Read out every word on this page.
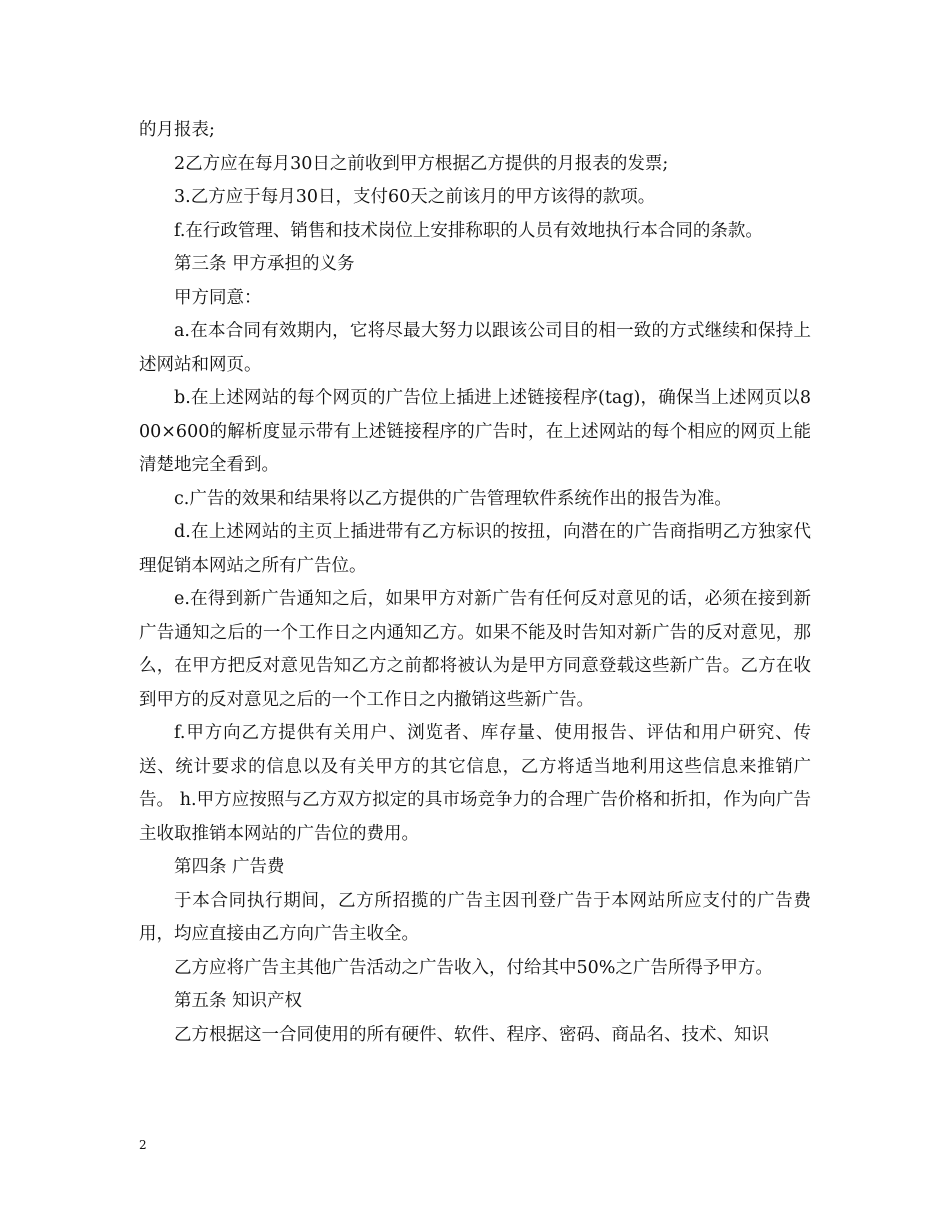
的月报表;

2乙方应在每月30日之前收到甲方根据乙方提供的月报表的发票;

3.乙方应于每月30日，支付60天之前该月的甲方该得的款项。

f.在行政管理、销售和技术岗位上安排称职的人员有效地执行本合同的条款。

第三条 甲方承担的义务

甲方同意：

a.在本合同有效期内，它将尽最大努力以跟该公司目的相一致的方式继续和保持上述网站和网页。

b.在上述网站的每个网页的广告位上插进上述链接程序(tag)，确保当上述网页以800×600的解析度显示带有上述链接程序的广告时，在上述网站的每个相应的网页上能清楚地完全看到。

c.广告的效果和结果将以乙方提供的广告管理软件系统作出的报告为准。

d.在上述网站的主页上插进带有乙方标识的按扭，向潜在的广告商指明乙方独家代理促销本网站之所有广告位。

e.在得到新广告通知之后，如果甲方对新广告有任何反对意见的话，必须在接到新广告通知之后的一个工作日之内通知乙方。如果不能及时告知对新广告的反对意见，那么，在甲方把反对意见告知乙方之前都将被认为是甲方同意登载这些新广告。乙方在收到甲方的反对意见之后的一个工作日之内撤销这些新广告。

f.甲方向乙方提供有关用户、浏览者、库存量、使用报告、评估和用户研究、传送、统计要求的信息以及有关甲方的其它信息，乙方将适当地利用这些信息来推销广告。 h.甲方应按照与乙方双方拟定的具市场竞争力的合理广告价格和折扣，作为向广告主收取推销本网站的广告位的费用。

第四条 广告费

于本合同执行期间，乙方所招揽的广告主因刊登广告于本网站所应支付的广告费用，均应直接由乙方向广告主收全。

乙方应将广告主其他广告活动之广告收入，付给其中50%之广告所得予甲方。

第五条 知识产权

乙方根据这一合同使用的所有硬件、软件、程序、密码、商品名、技术、知识

2
